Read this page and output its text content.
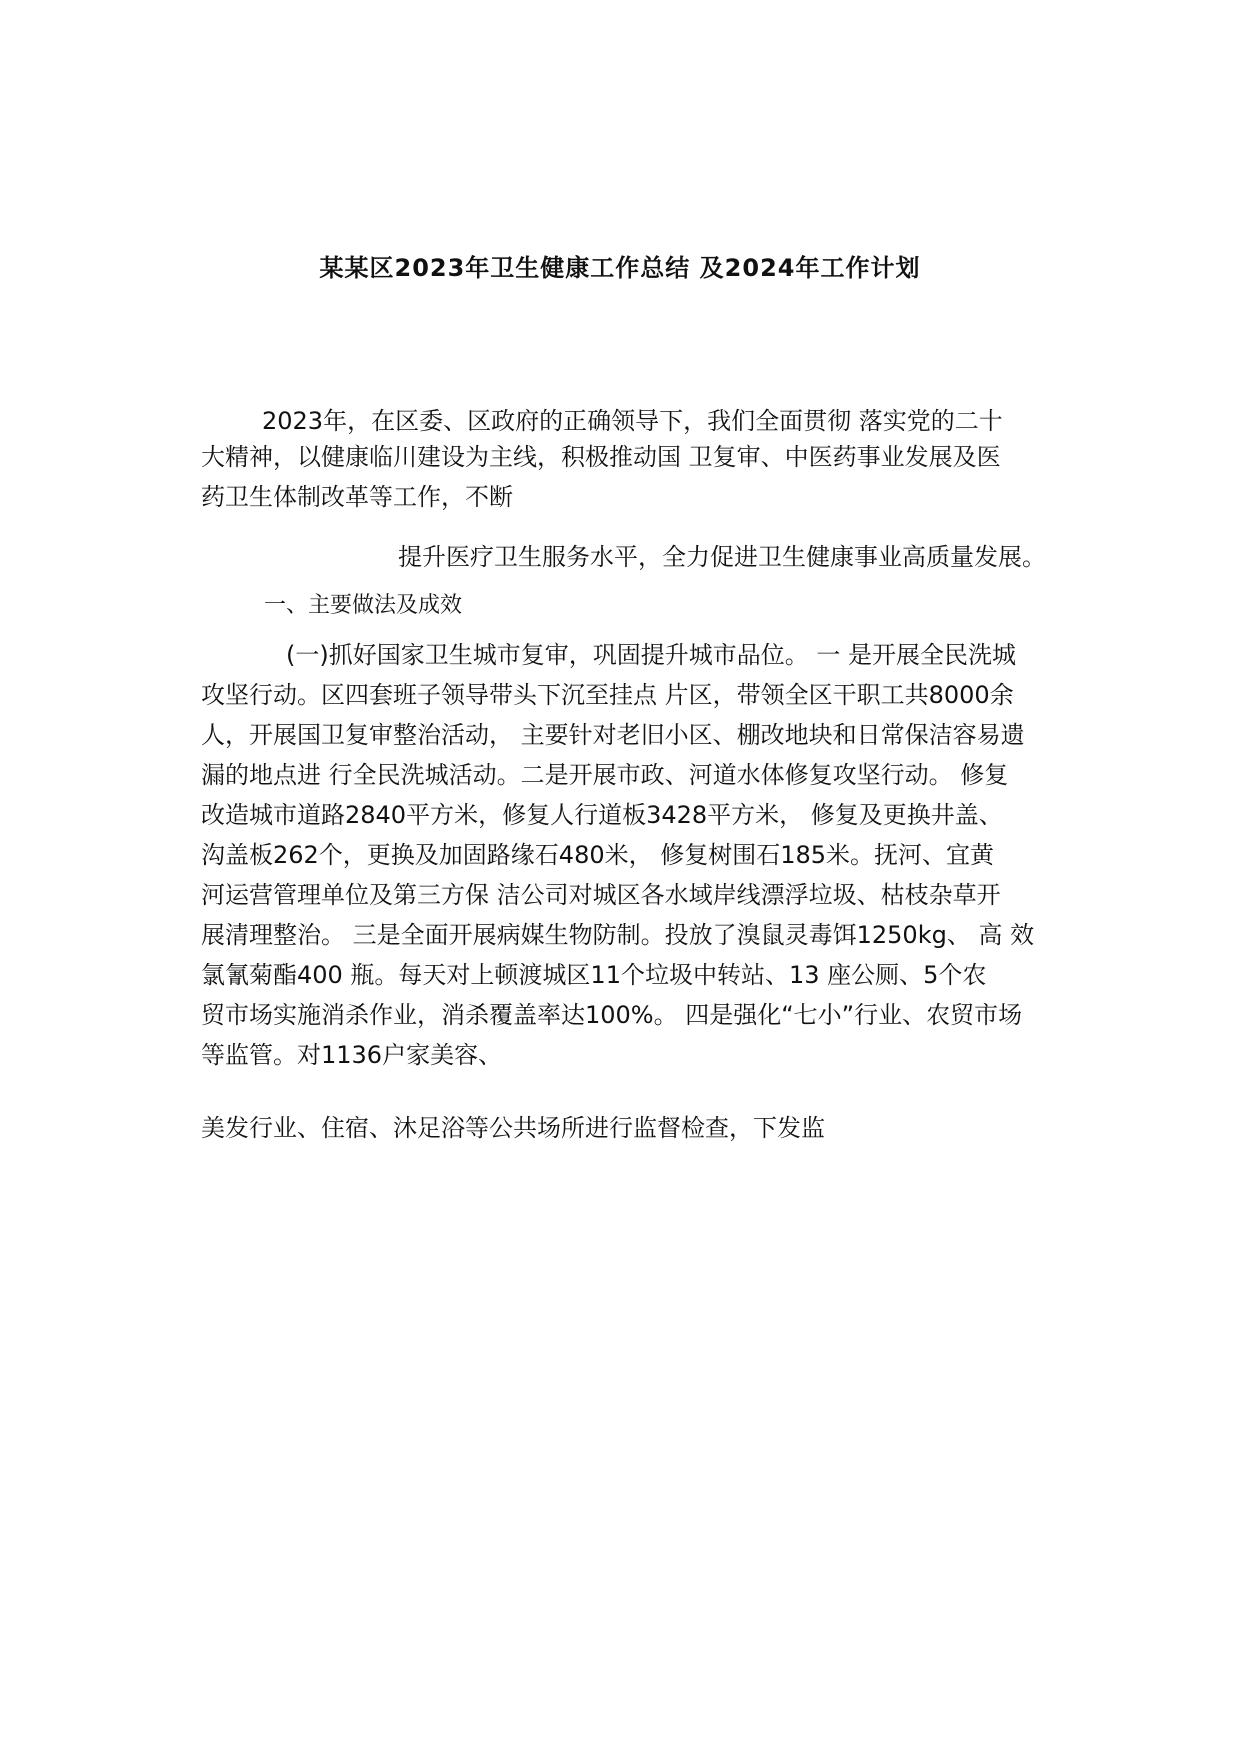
某某区2023年卫生健康工作总结 及2024年工作计划

2023年，在区委、区政府的正确领导下，我们全面贯彻 落实党的二十

大精神，以健康临川建设为主线，积极推动国 卫复审、中医药事业发展及医

药卫生体制改革等工作，不断

提升医疗卫生服务水平，全力促进卫生健康事业高质量发展。

一、主要做法及成效

(一)抓好国家卫生城市复审，巩固提升城市品位。 一 是开展全民洗城

攻坚行动。区四套班子领导带头下沉至挂点 片区，带领全区干职工共8000余

人，开展国卫复审整治活动， 主要针对老旧小区、棚改地块和日常保洁容易遗

漏的地点进 行全民洗城活动。二是开展市政、河道水体修复攻坚行动。 修复

改造城市道路2840平方米，修复人行道板3428平方米， 修复及更换井盖、

沟盖板262个，更换及加固路缘石480米， 修复树围石185米。抚河、宜黄

河运营管理单位及第三方保 洁公司对城区各水域岸线漂浮垃圾、枯枝杂草开

展清理整治。 三是全面开展病媒生物防制。投放了溴鼠灵毒饵1250kg、 高 效

氯氰菊酯400 瓶。每天对上顿渡城区11个垃圾中转站、13 座公厕、5个农

贸市场实施消杀作业，消杀覆盖率达100%。 四是强化“七小”行业、农贸市场

等监管。对1136户家美容、

美发行业、住宿、沐足浴等公共场所进行监督检查，下发监
